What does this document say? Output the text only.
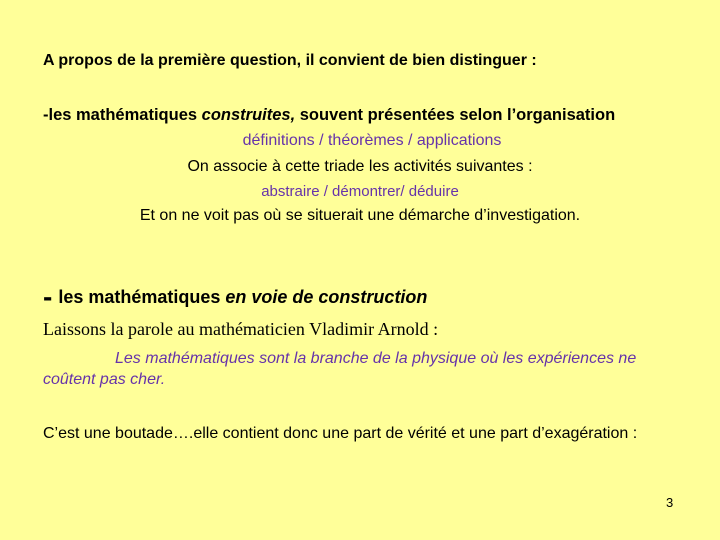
A propos de la première question, il convient de bien distinguer :
-les mathématiques construites, souvent présentées selon l’organisation
définitions / théorèmes / applications
On associe à cette triade les activités suivantes :
abstraire / démontrer/ déduire
Et on ne voit pas où se situerait une démarche d’investigation.
- les mathématiques en voie de construction
Laissons la parole au mathématicien Vladimir Arnold :
Les mathématiques sont la branche de la physique où les expériences ne coûtent pas cher.
C’est une boutade….elle contient donc une part de vérité et une part d’exagération :
3
